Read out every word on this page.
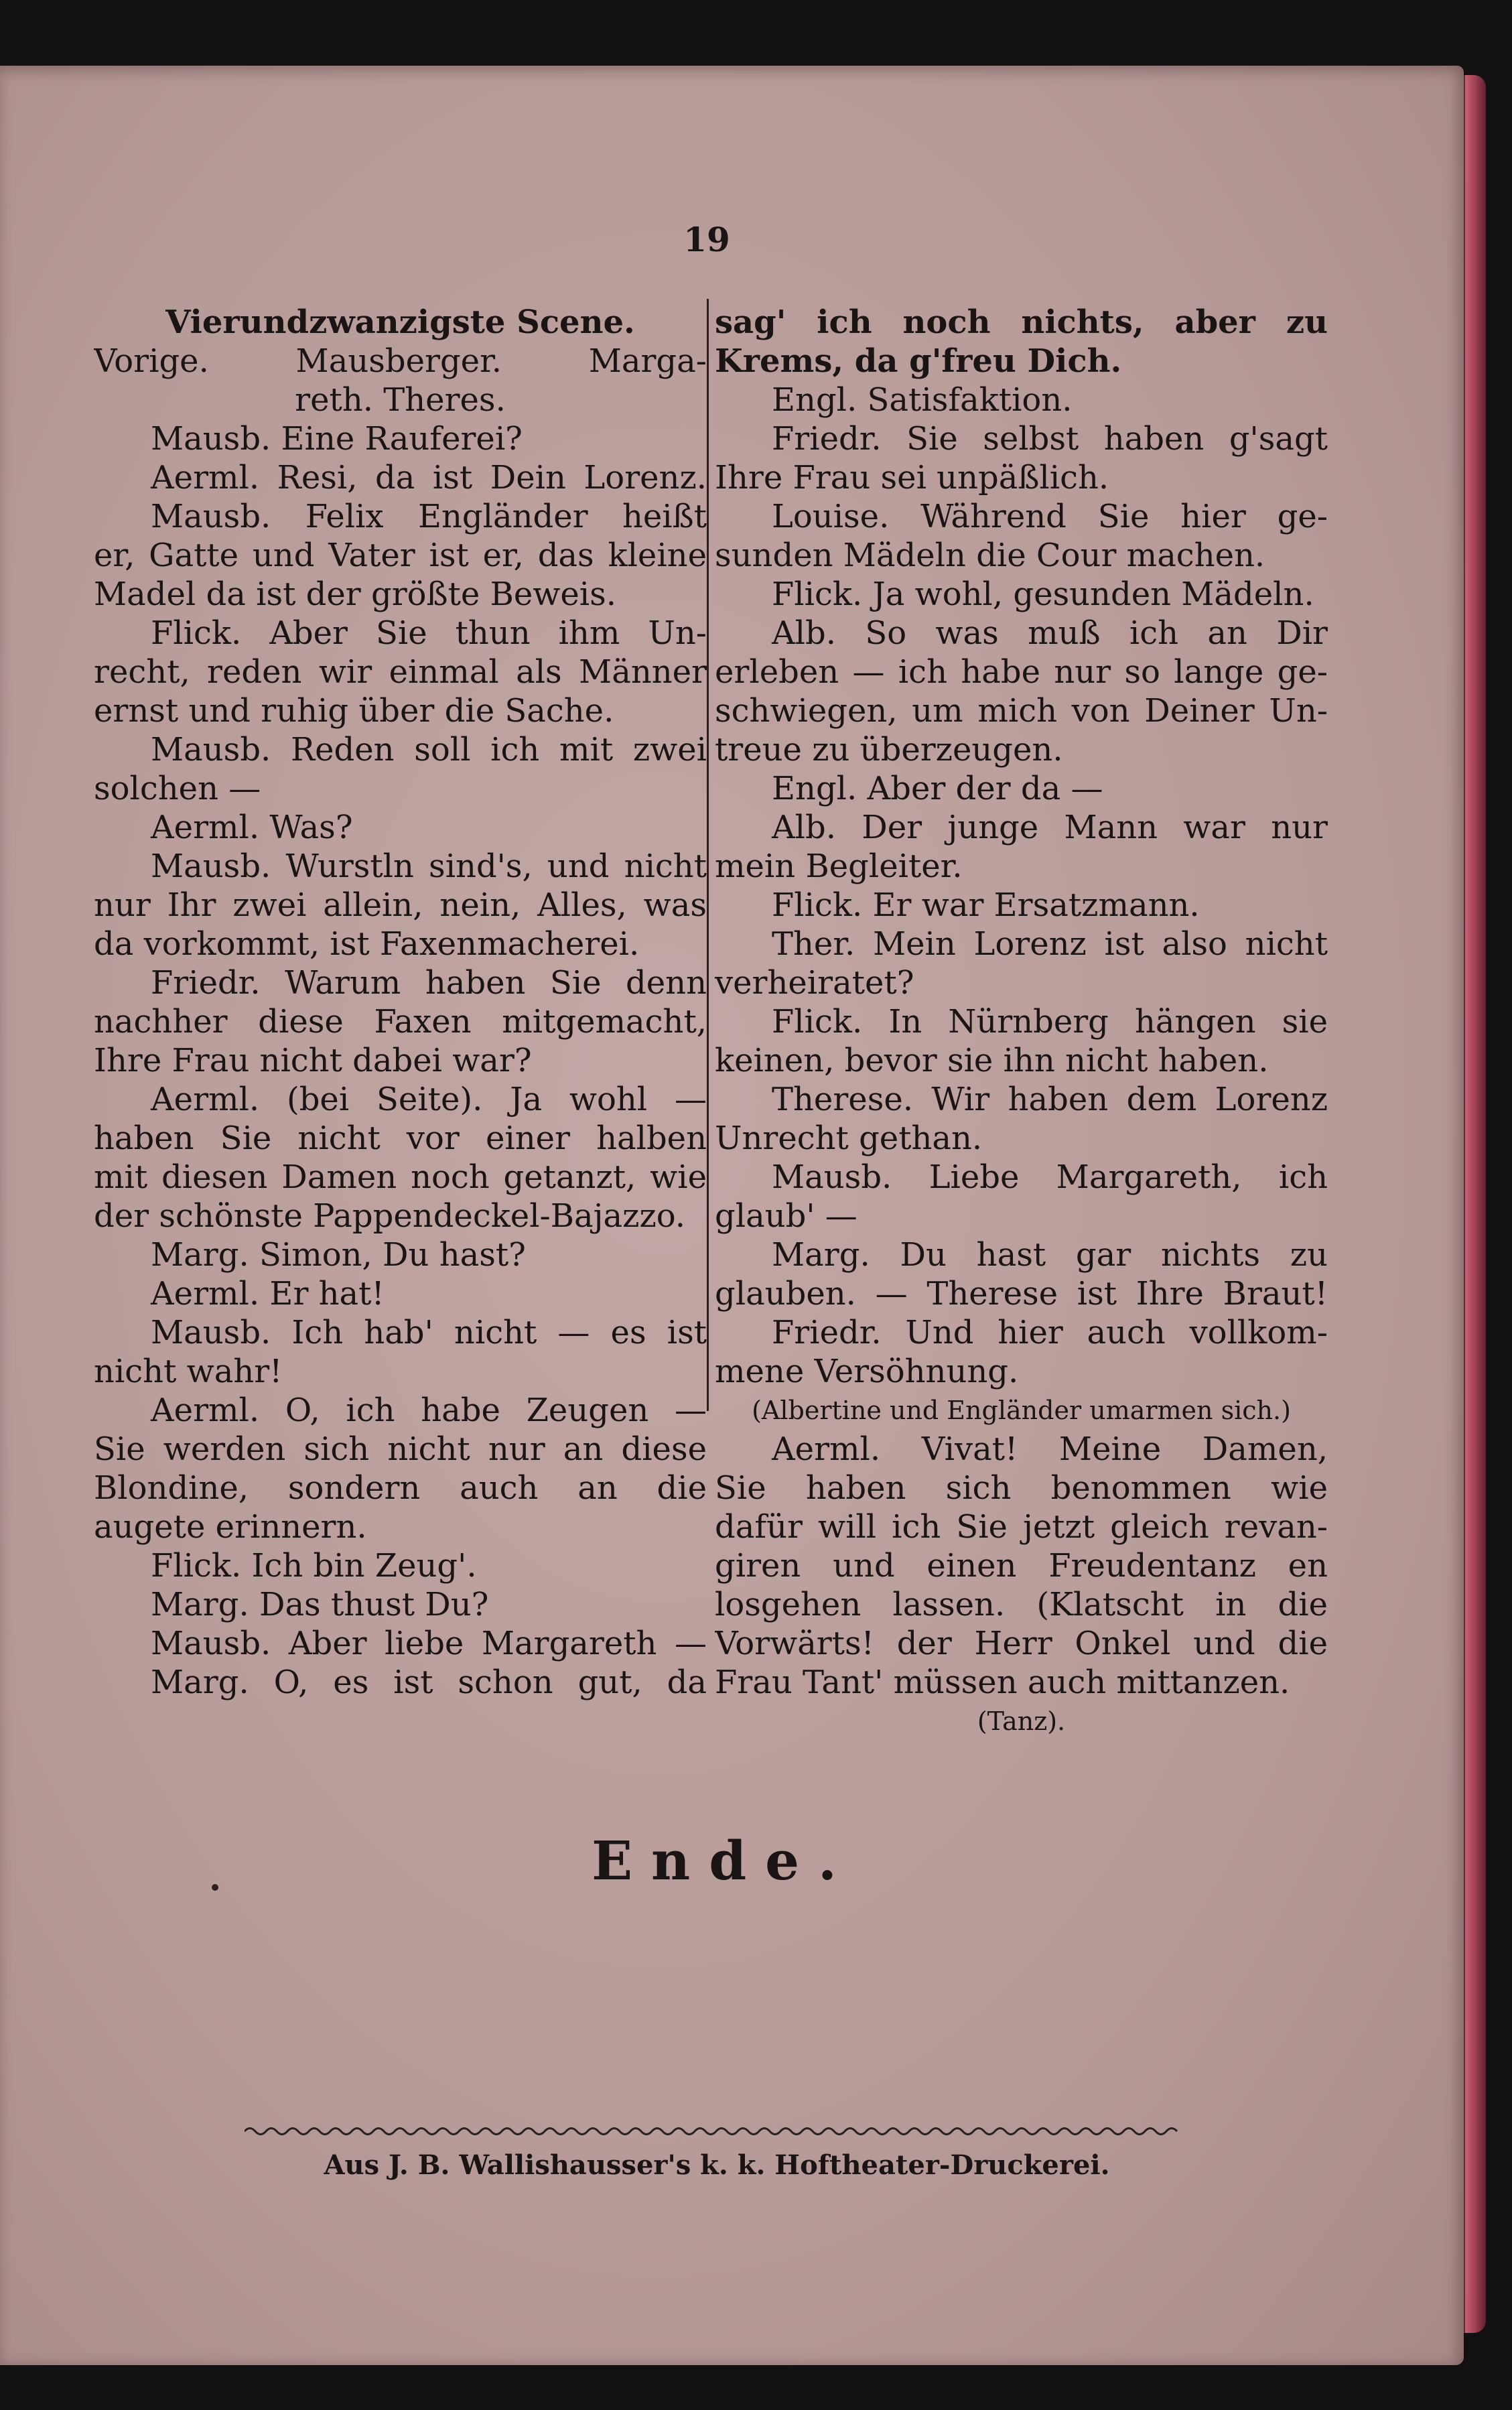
19
Vierundzwanzigste Scene.
Vorige. Mausberger. Marga-
reth. Theres.
Mausb. Eine Rauferei?
Aerml. Resi, da ist Dein Lorenz.
Mausb. Felix Engländer heißt
er, Gatte und Vater ist er, das kleine
Madel da ist der größte Beweis.
Flick. Aber Sie thun ihm Un-
recht, reden wir einmal als Männer
ernst und ruhig über die Sache.
Mausb. Reden soll ich mit zwei
solchen —
Aerml. Was?
Mausb. Wurstln sind's, und nicht
nur Ihr zwei allein, nein, Alles, was
da vorkommt, ist Faxenmacherei.
Friedr. Warum haben Sie denn
nachher diese Faxen mitgemacht,
Ihre Frau nicht dabei war?
Aerml. (bei Seite). Ja wohl —
haben Sie nicht vor einer halben
mit diesen Damen noch getanzt, wie
der schönste Pappendeckel-Bajazzo.
Marg. Simon, Du hast?
Aerml. Er hat!
Mausb. Ich hab' nicht — es ist
nicht wahr!
Aerml. O, ich habe Zeugen —
Sie werden sich nicht nur an diese
Blondine, sondern auch an die
augete erinnern.
Flick. Ich bin Zeug'.
Marg. Das thust Du?
Mausb. Aber liebe Margareth —
Marg. O, es ist schon gut, da
sag' ich noch nichts, aber zu
Krems, da g'freu Dich.
Engl. Satisfaktion.
Friedr. Sie selbst haben g'sagt
Ihre Frau sei unpäßlich.
Louise. Während Sie hier ge-
sunden Mädeln die Cour machen.
Flick. Ja wohl, gesunden Mädeln.
Alb. So was muß ich an Dir
erleben — ich habe nur so lange ge-
schwiegen, um mich von Deiner Un-
treue zu überzeugen.
Engl. Aber der da —
Alb. Der junge Mann war nur
mein Begleiter.
Flick. Er war Ersatzmann.
Ther. Mein Lorenz ist also nicht
verheiratet?
Flick. In Nürnberg hängen sie
keinen, bevor sie ihn nicht haben.
Therese. Wir haben dem Lorenz
Unrecht gethan.
Mausb. Liebe Margareth, ich
glaub' —
Marg. Du hast gar nichts zu
glauben. — Therese ist Ihre Braut!
Friedr. Und hier auch vollkom-
mene Versöhnung.
(Albertine und Engländer umarmen sich.)
Aerml. Vivat! Meine Damen,
Sie haben sich benommen wie
dafür will ich Sie jetzt gleich revan-
giren und einen Freudentanz en
losgehen lassen. (Klatscht in die
Vorwärts! der Herr Onkel und die
Frau Tant' müssen auch mittanzen.
(Tanz).
Ende.
Aus J. B. Wallishausser's k. k. Hoftheater-Druckerei.
